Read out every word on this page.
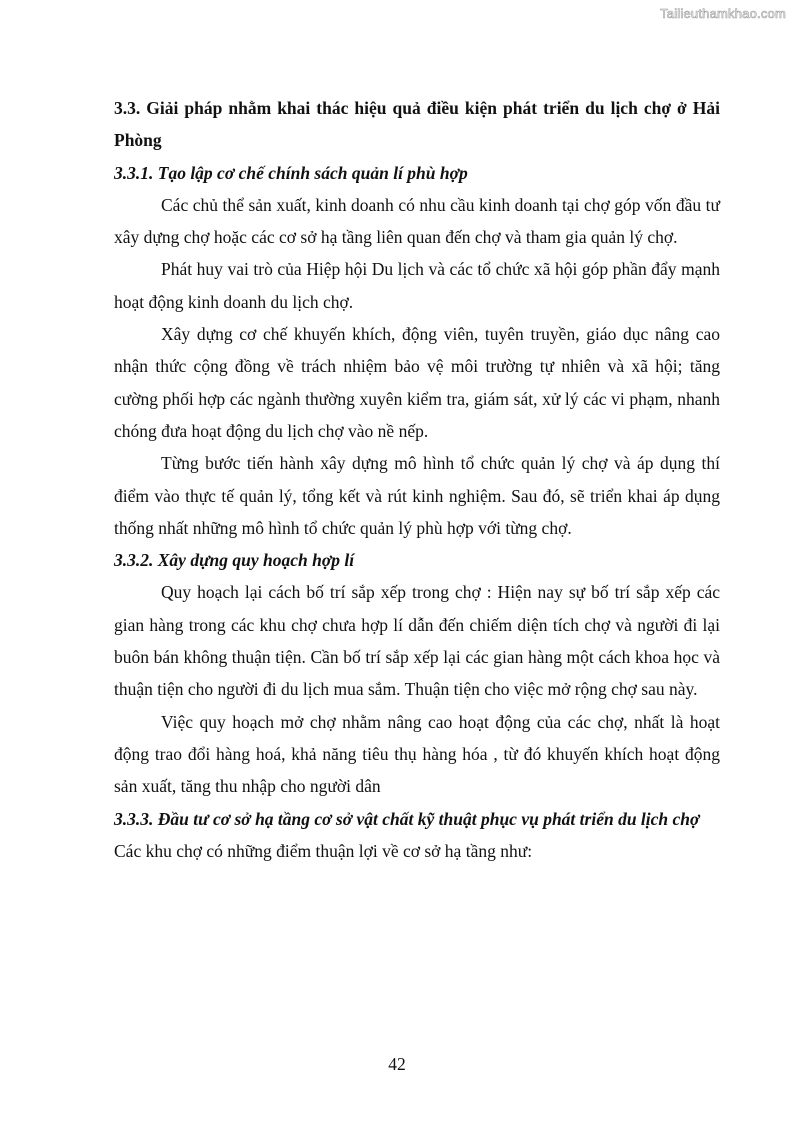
Tailieuthamkhao.com

3.3. Giải pháp nhằm khai thác hiệu quả điều kiện phát triển du lịch chợ ở Hải Phòng

3.3.1. Tạo lập cơ chế chính sách quản lí phù hợp

Các chủ thể sản xuất, kinh doanh có nhu cầu kinh doanh tại chợ góp vốn đầu tư xây dựng chợ hoặc các cơ sở hạ tầng liên quan đến chợ và tham gia quản lý chợ.

Phát huy vai trò của Hiệp hội Du lịch và các tổ chức xã hội góp phần đẩy mạnh hoạt động kinh doanh du lịch chợ.

Xây dựng cơ chế khuyến khích, động viên, tuyên truyền, giáo dục nâng cao nhận thức cộng đồng về trách nhiệm bảo vệ môi trường tự nhiên và xã hội; tăng cường phối hợp các ngành thường xuyên kiểm tra, giám sát, xử lý các vi phạm, nhanh chóng đưa hoạt động du lịch chợ vào nề nếp.

Từng bước tiến hành xây dựng mô hình tổ chức quản lý chợ và áp dụng thí điểm vào thực tế quản lý, tổng kết và rút kinh nghiệm. Sau đó, sẽ triển khai áp dụng thống nhất những mô hình tổ chức quản lý phù hợp với từng chợ.

3.3.2. Xây dựng quy hoạch hợp lí

Quy hoạch lại cách bố trí sắp xếp trong chợ : Hiện nay sự bố trí sắp xếp các gian hàng trong các khu chợ chưa hợp lí dẫn đến chiếm diện tích chợ và người đi lại buôn bán không thuận tiện. Cần bố trí sắp xếp lại các gian hàng một cách khoa học và thuận tiện cho người đi du lịch mua sắm. Thuận tiện cho việc mở rộng chợ sau này.

Việc quy hoạch mở chợ nhằm nâng cao hoạt động của các chợ, nhất là hoạt động trao đổi hàng hoá, khả năng tiêu thụ hàng hóa , từ đó khuyến khích hoạt động sản xuất, tăng thu nhập cho người dân

3.3.3. Đầu tư cơ sở hạ tầng cơ sở vật chất kỹ thuật phục vụ phát triển du lịch chợ

Các khu chợ có những điểm thuận lợi về cơ sở hạ tầng như:

42
